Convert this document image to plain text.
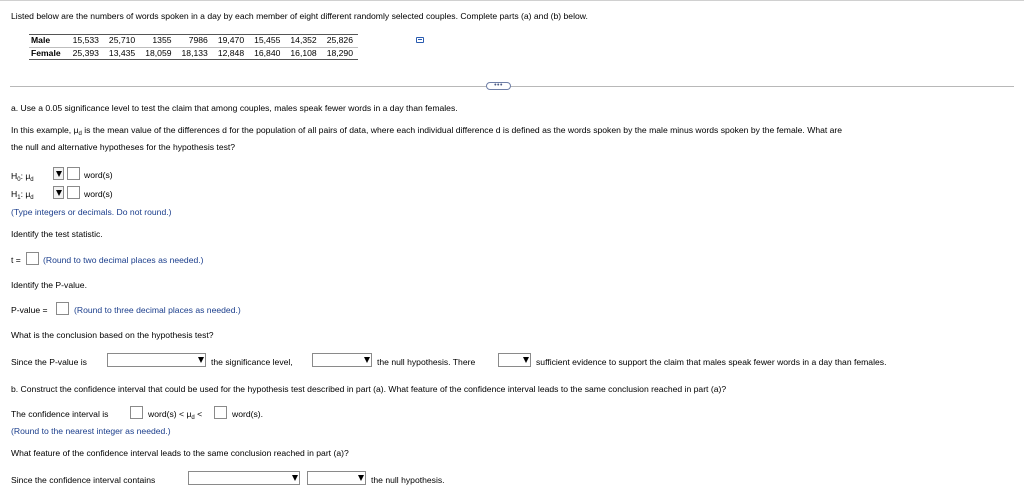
Listed below are the numbers of words spoken in a day by each member of eight different randomly selected couples. Complete parts (a) and (b) below.
Male	15,533	25,710	1355	7986	19,470	15,455	14,352	25,826
Female	25,393	13,435	18,059	18,133	12,848	16,840	16,108	18,290
•••
a. Use a 0.05 significance level to test the claim that among couples, males speak fewer words in a day than females.
In this example, $\mu_d$ is the mean value of the differences d for the population of all pairs of data, where each individual difference d is defined as the words spoken by the male minus words spoken by the female. What are
the null and alternative hypotheses for the hypothesis test?
$H_0$: $\mu_d$	word(s)
$H_1$: $\mu_d$	word(s)
(Type integers or decimals. Do not round.)
Identify the test statistic.
t =	(Round to two decimal places as needed.)
Identify the P-value.
P-value =	(Round to three decimal places as needed.)
What is the conclusion based on the hypothesis test?
Since the P-value is	the significance level,	the null hypothesis. There	sufficient evidence to support the claim that males speak fewer words in a day than females.
b. Construct the confidence interval that could be used for the hypothesis test described in part (a). What feature of the confidence interval leads to the same conclusion reached in part (a)?
The confidence interval is	word(s) < $\mu_d$ <	word(s).
(Round to the nearest integer as needed.)
What feature of the confidence interval leads to the same conclusion reached in part (a)?
Since the confidence interval contains	the null hypothesis.
